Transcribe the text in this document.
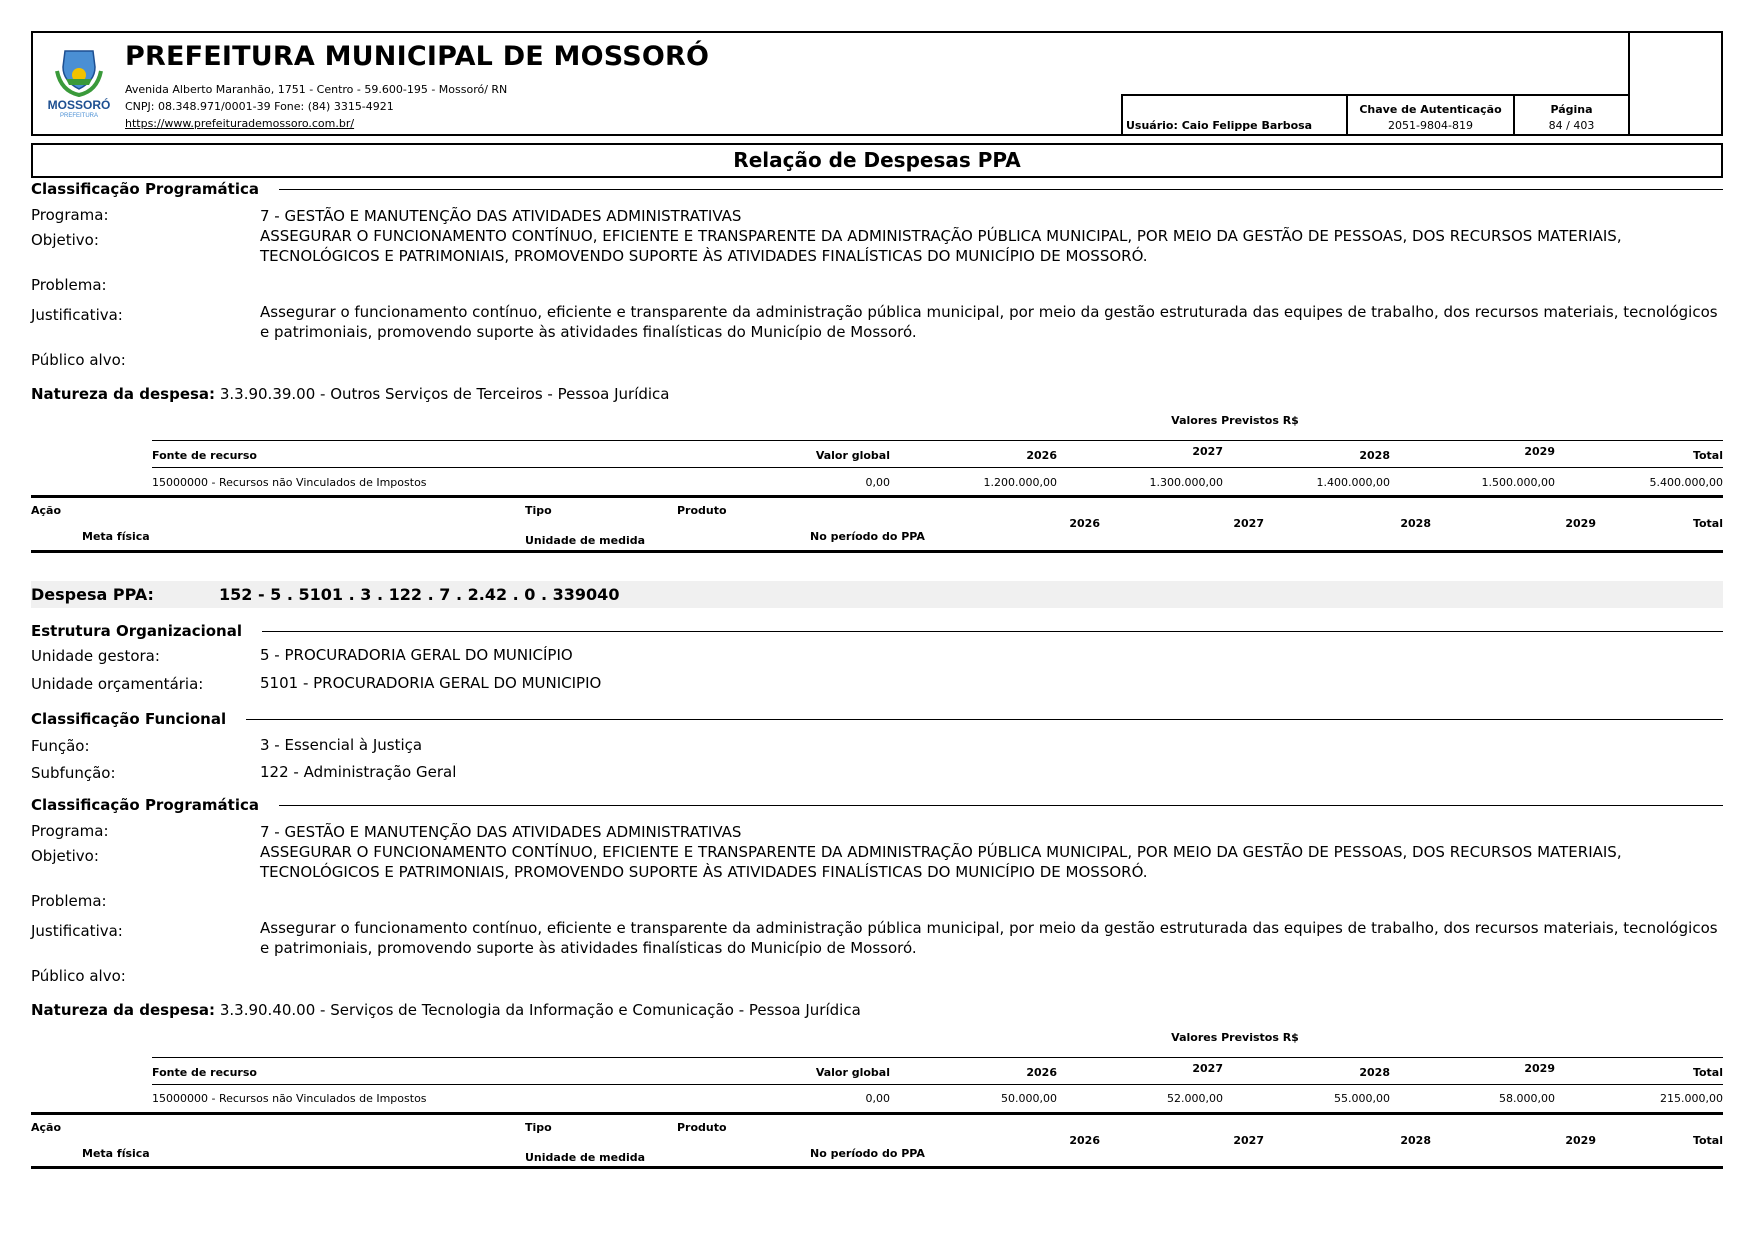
MOSSORÓ
PREFEITURA
PREFEITURA MUNICIPAL DE MOSSORÓ
Avenida Alberto Maranhão, 1751 - Centro - 59.600-195 - Mossoró/ RN
CNPJ: 08.348.971/0001-39 Fone: (84) 3315-4921
https://www.prefeiturademossoro.com.br/	Usuário: Caio Felippe Barbosa
Chave de Autenticação
2051-9804-819
Página
84 / 403
Relação de Despesas PPA
Classificação Programática
Programa:	7 - GESTÃO E MANUTENÇÃO DAS ATIVIDADES ADMINISTRATIVAS
Objetivo:	ASSEGURAR O FUNCIONAMENTO CONTÍNUO, EFICIENTE E TRANSPARENTE DA ADMINISTRAÇÃO PÚBLICA MUNICIPAL, POR MEIO DA GESTÃO DE PESSOAS, DOS RECURSOS MATERIAIS, TECNOLÓGICOS E PATRIMONIAIS, PROMOVENDO SUPORTE ÀS ATIVIDADES FINALÍSTICAS DO MUNICÍPIO DE MOSSORÓ.
Problema:
Justificativa:	Assegurar o funcionamento contínuo, eficiente e transparente da administração pública municipal, por meio da gestão estruturada das equipes de trabalho, dos recursos materiais, tecnológicos e patrimoniais, promovendo suporte às atividades finalísticas do Município de Mossoró.
Público alvo:
Natureza da despesa: 3.3.90.39.00 - Outros Serviços de Terceiros - Pessoa Jurídica
Valores Previstos R$
Fonte de recurso	Valor global	2026	2027	2028	2029	Total
15000000 - Recursos não Vinculados de Impostos	0,00	1.200.000,00	1.300.000,00	1.400.000,00	1.500.000,00	5.400.000,00
Ação	Tipo	Produto
Meta física	Unidade de medida	No período do PPA
2026	2027	2028	2029	Total
Despesa PPA:	152 - 5 . 5101 . 3 . 122 . 7 . 2.42 . 0 . 339040
Estrutura Organizacional
Unidade gestora:	5 - PROCURADORIA GERAL DO MUNICÍPIO
Unidade orçamentária:	5101 - PROCURADORIA GERAL DO MUNICIPIO
Classificação Funcional
Função:	3 - Essencial à Justiça
Subfunção:	122 - Administração Geral
Classificação Programática
Programa:	7 - GESTÃO E MANUTENÇÃO DAS ATIVIDADES ADMINISTRATIVAS
Objetivo:	ASSEGURAR O FUNCIONAMENTO CONTÍNUO, EFICIENTE E TRANSPARENTE DA ADMINISTRAÇÃO PÚBLICA MUNICIPAL, POR MEIO DA GESTÃO DE PESSOAS, DOS RECURSOS MATERIAIS, TECNOLÓGICOS E PATRIMONIAIS, PROMOVENDO SUPORTE ÀS ATIVIDADES FINALÍSTICAS DO MUNICÍPIO DE MOSSORÓ.
Problema:
Justificativa:	Assegurar o funcionamento contínuo, eficiente e transparente da administração pública municipal, por meio da gestão estruturada das equipes de trabalho, dos recursos materiais, tecnológicos e patrimoniais, promovendo suporte às atividades finalísticas do Município de Mossoró.
Público alvo:
Natureza da despesa: 3.3.90.40.00 - Serviços de Tecnologia da Informação e Comunicação - Pessoa Jurídica
Valores Previstos R$
Fonte de recurso	Valor global	2026	2027	2028	2029	Total
15000000 - Recursos não Vinculados de Impostos	0,00	50.000,00	52.000,00	55.000,00	58.000,00	215.000,00
Ação	Tipo	Produto
Meta física	Unidade de medida	No período do PPA
2026	2027	2028	2029	Total
